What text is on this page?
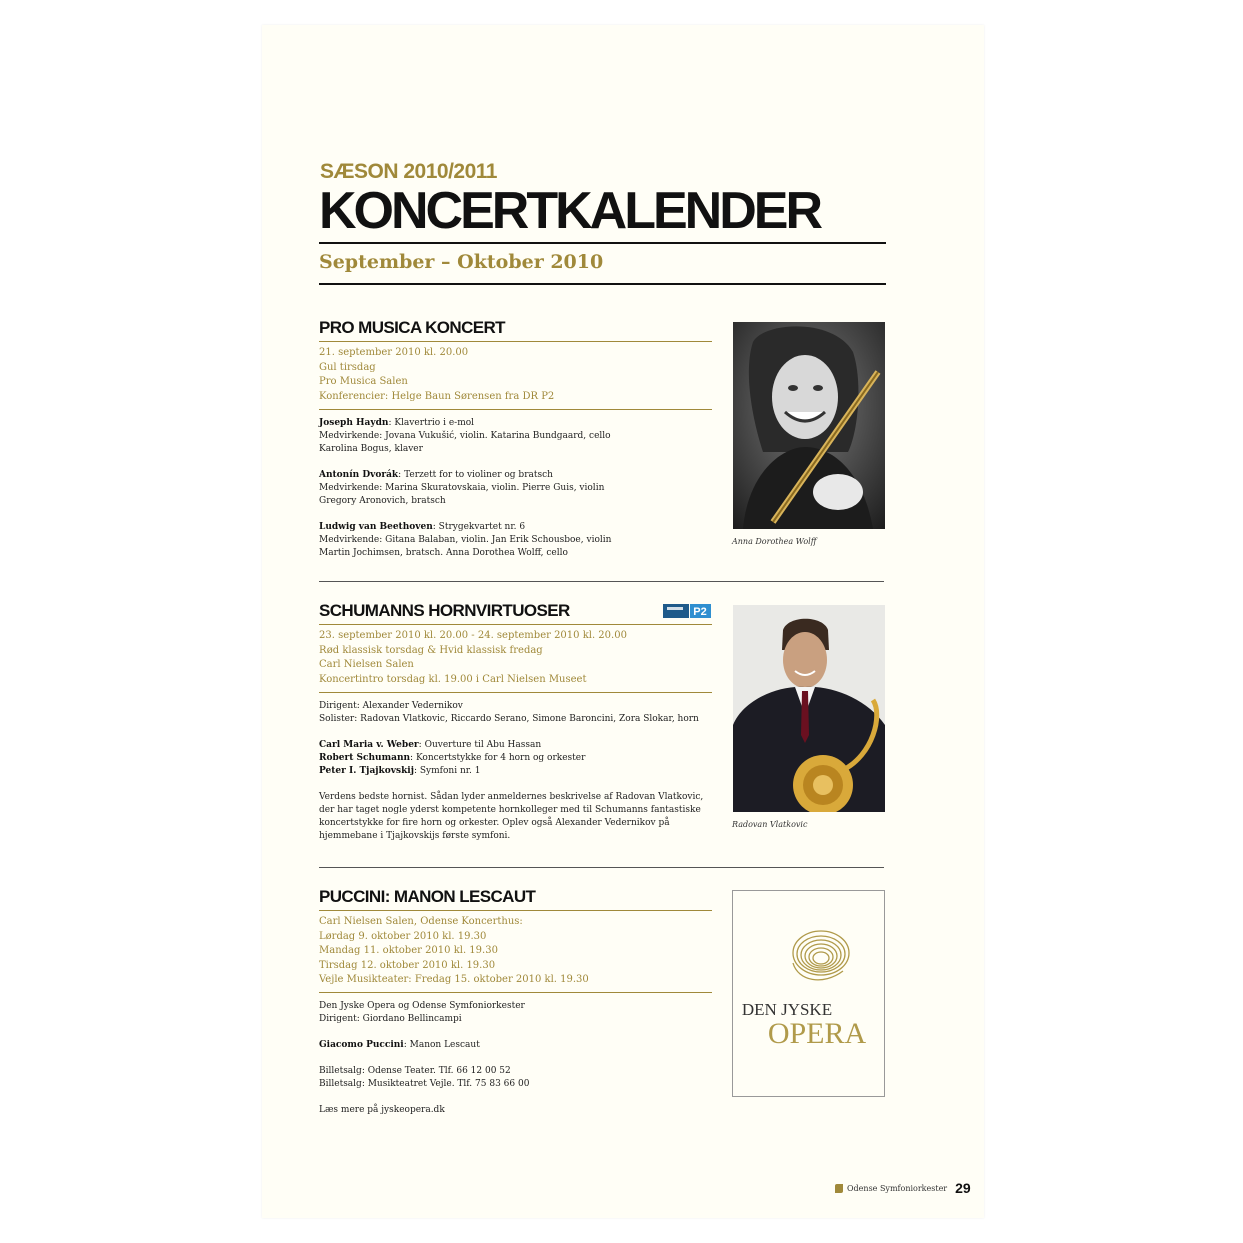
SÆSON 2010/2011
KONCERTKALENDER
September – Oktober 2010
PRO MUSICA KONCERT
21. september 2010 kl. 20.00
Gul tirsdag
Pro Musica Salen
Konferencier: Helge Baun Sørensen fra DR P2
Joseph Haydn: Klavertrio i e-mol
Medvirkende: Jovana Vukušić, violin. Katarina Bundgaard, cello
Karolina Bogus, klaver
Antonín Dvorák: Terzett for to violiner og bratsch
Medvirkende: Marina Skuratovskaia, violin. Pierre Guis, violin
Gregory Aronovich, bratsch
Ludwig van Beethoven: Strygekvartet nr. 6
Medvirkende: Gitana Balaban, violin. Jan Erik Schousboe, violin
Martin Jochimsen, bratsch. Anna Dorothea Wolff, cello
Anna Dorothea Wolff
SCHUMANNS HORNVIRTUOSER	P2
23. september 2010 kl. 20.00 - 24. september 2010 kl. 20.00
Rød klassisk torsdag & Hvid klassisk fredag
Carl Nielsen Salen
Koncertintro torsdag kl. 19.00 i Carl Nielsen Museet
Dirigent: Alexander Vedernikov
Solister: Radovan Vlatkovic, Riccardo Serano, Simone Baroncini, Zora Slokar, horn
Carl Maria v. Weber: Ouverture til Abu Hassan
Robert Schumann: Koncertstykke for 4 horn og orkester
Peter I. Tjajkovskij: Symfoni nr. 1
Verdens bedste hornist. Sådan lyder anmeldernes beskrivelse af Radovan Vlatkovic,
der har taget nogle yderst kompetente hornkolleger med til Schumanns fantastiske
koncertstykke for fire horn og orkester. Oplev også Alexander Vedernikov på
hjemmebane i Tjajkovskijs første symfoni.
Radovan Vlatkovic
PUCCINI: MANON LESCAUT
Carl Nielsen Salen, Odense Koncerthus:
Lørdag 9. oktober 2010 kl. 19.30
Mandag 11. oktober 2010 kl. 19.30
Tirsdag 12. oktober 2010 kl. 19.30
Vejle Musikteater: Fredag 15. oktober 2010 kl. 19.30
Den Jyske Opera og Odense Symfoniorkester
Dirigent: Giordano Bellincampi
Giacomo Puccini: Manon Lescaut
Billetsalg: Odense Teater. Tlf. 66 12 00 52
Billetsalg: Musikteatret Vejle. Tlf. 75 83 66 00
Læs mere på jyskeopera.dk
DEN JYSKE
OPERA
Odense Symfoniorkester 29
